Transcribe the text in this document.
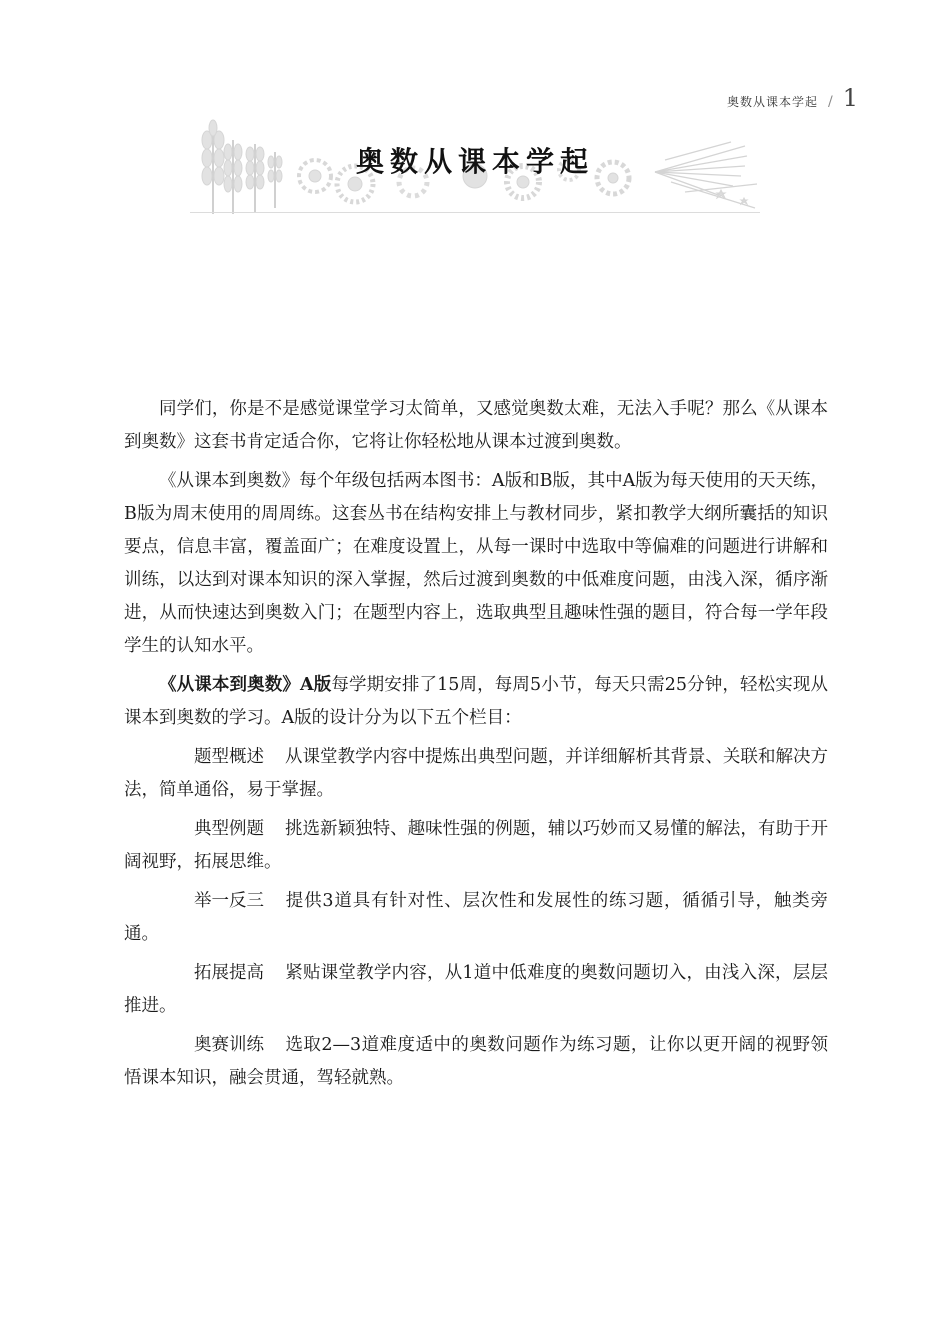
奥数从课本学起 / 1
奥数从课本学起

同学们，你是不是感觉课堂学习太简单，又感觉奥数太难，无法入手呢？那么《从课本到奥数》这套书肯定适合你，它将让你轻松地从课本过渡到奥数。

《从课本到奥数》每个年级包括两本图书：A版和B版，其中A版为每天使用的天天练，B版为周末使用的周周练。这套丛书在结构安排上与教材同步，紧扣教学大纲所囊括的知识要点，信息丰富，覆盖面广；在难度设置上，从每一课时中选取中等偏难的问题进行讲解和训练，以达到对课本知识的深入掌握，然后过渡到奥数的中低难度问题，由浅入深，循序渐进，从而快速达到奥数入门；在题型内容上，选取典型且趣味性强的题目，符合每一学年段学生的认知水平。

《从课本到奥数》A版每学期安排了15周，每周5小节，每天只需25分钟，轻松实现从课本到奥数的学习。A版的设计分为以下五个栏目：

题型概述 从课堂教学内容中提炼出典型问题，并详细解析其背景、关联和解决方法，简单通俗，易于掌握。

典型例题 挑选新颖独特、趣味性强的例题，辅以巧妙而又易懂的解法，有助于开阔视野，拓展思维。

举一反三 提供3道具有针对性、层次性和发展性的练习题，循循引导，触类旁通。

拓展提高 紧贴课堂教学内容，从1道中低难度的奥数问题切入，由浅入深，层层推进。

奥赛训练 选取2—3道难度适中的奥数问题作为练习题，让你以更开阔的视野领悟课本知识，融会贯通，驾轻就熟。
